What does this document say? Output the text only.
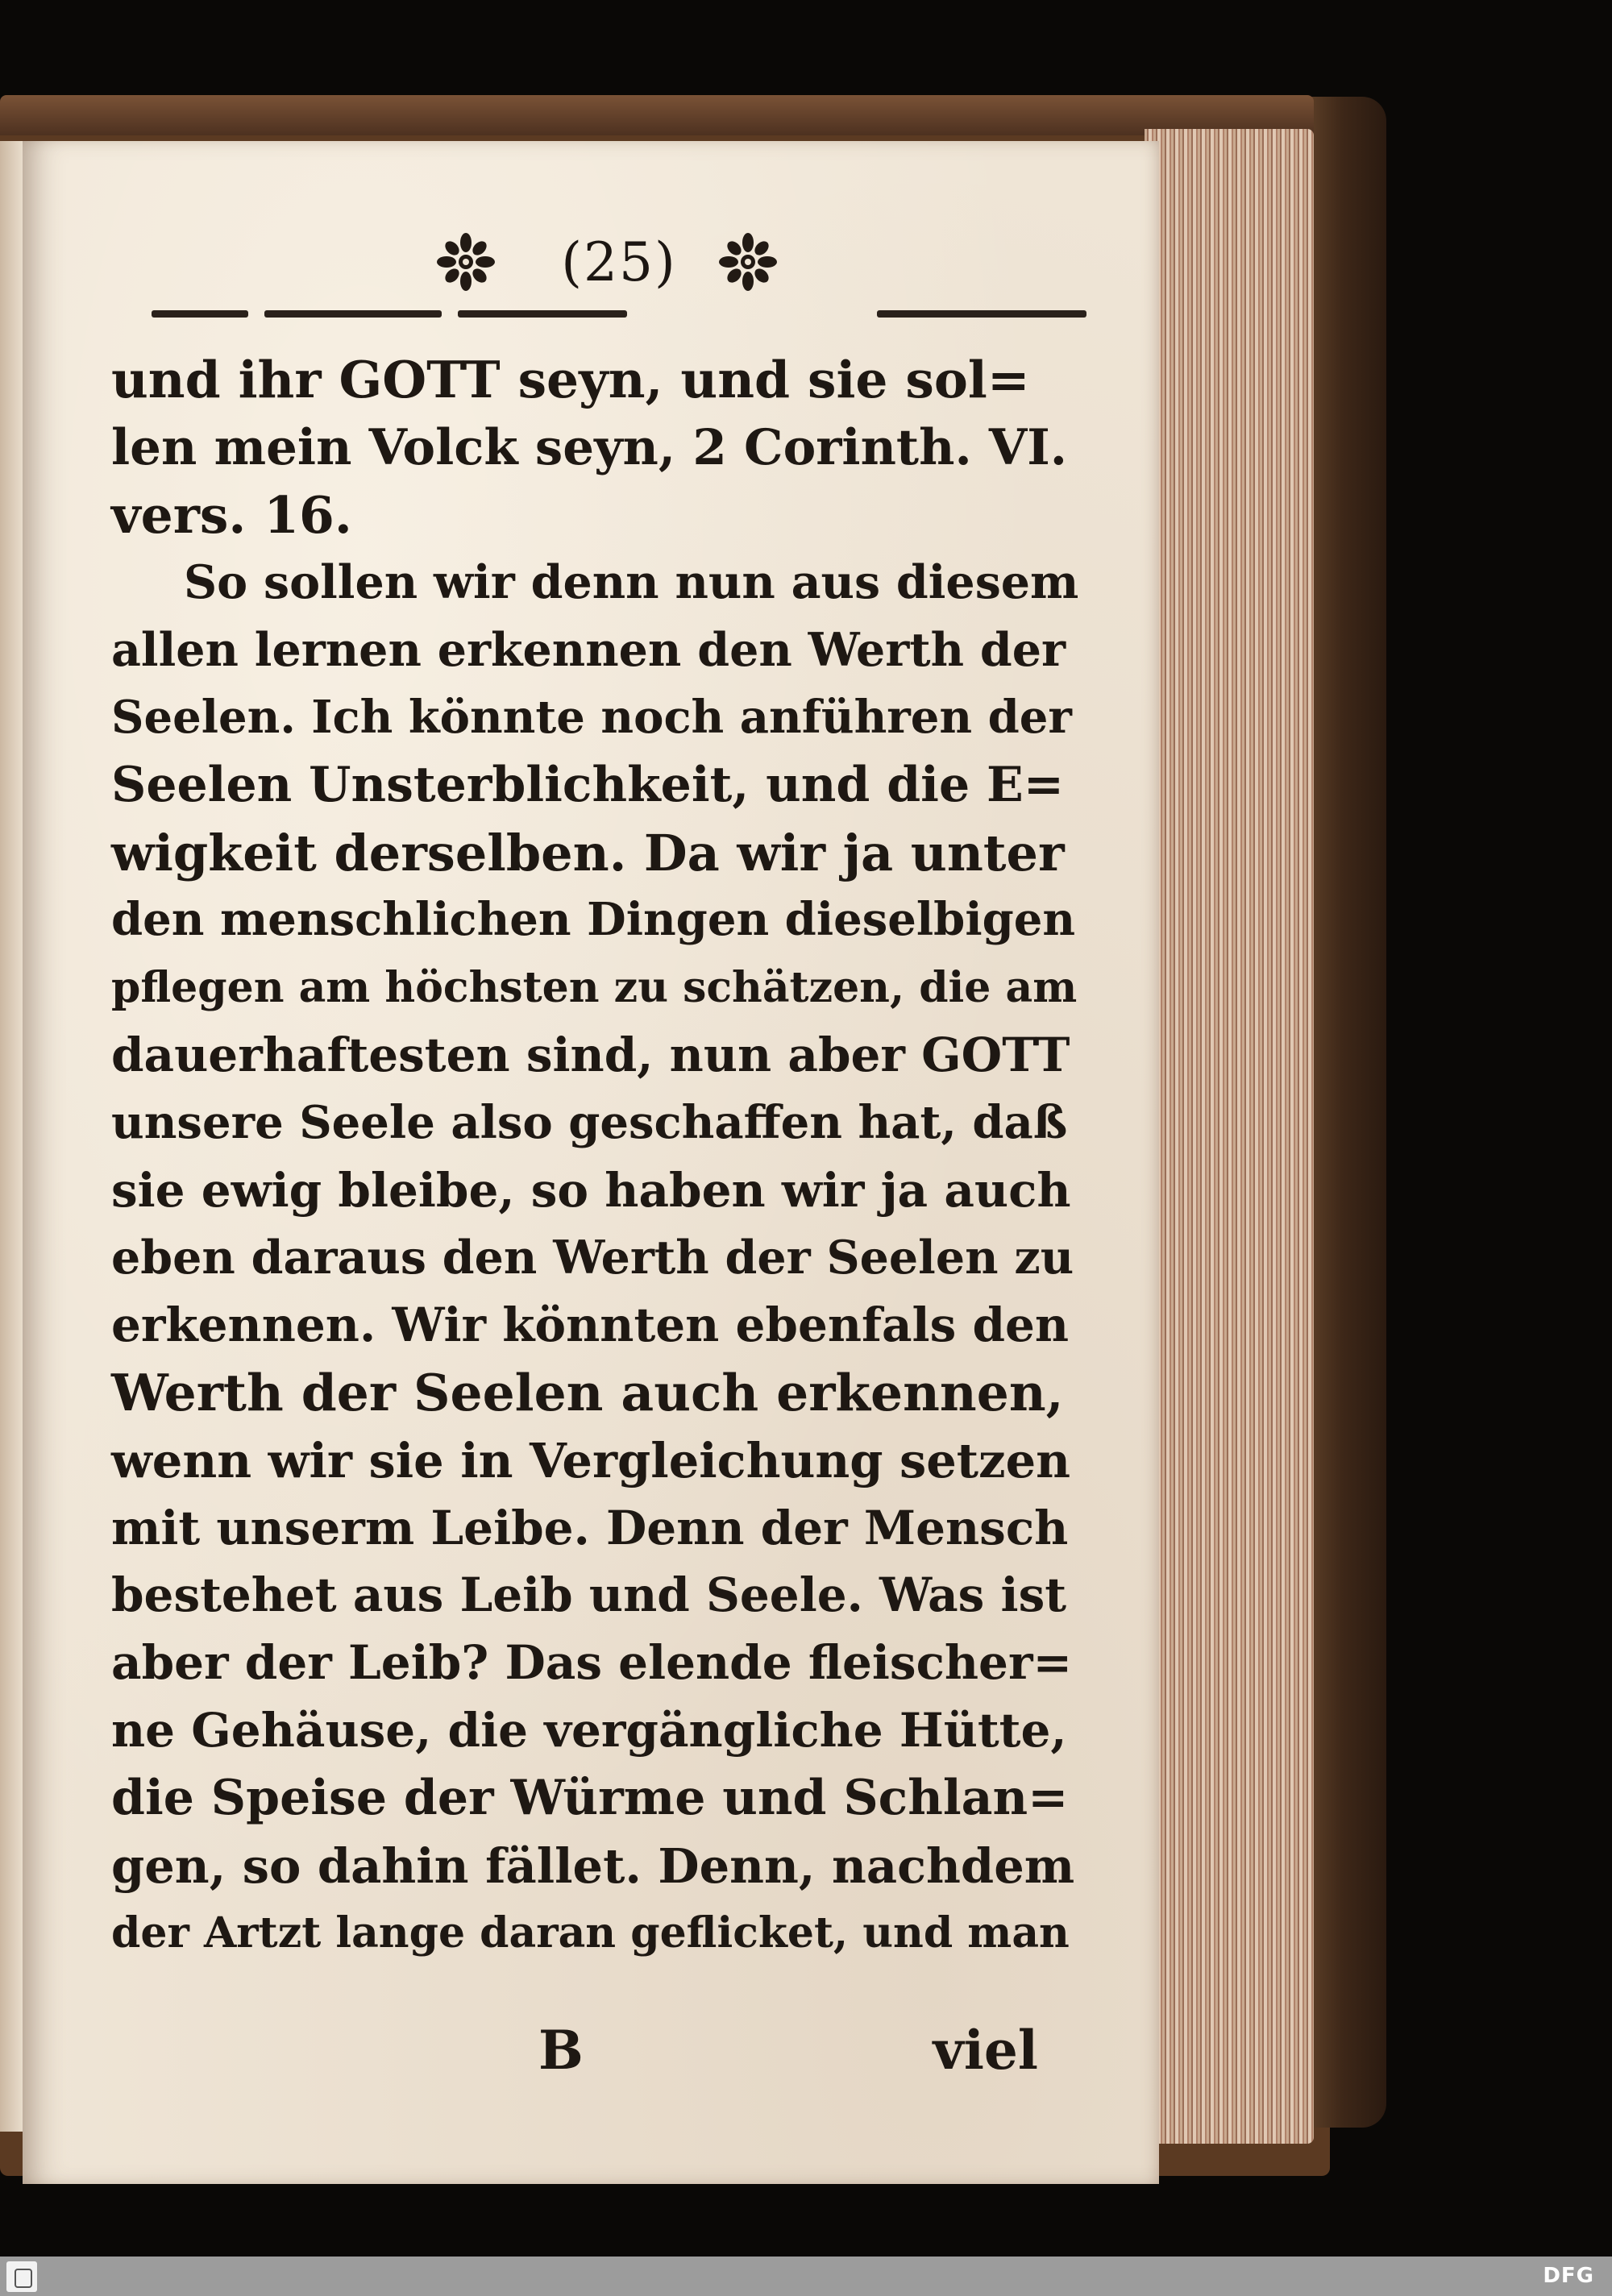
(25)
und ihr GOTT seyn, und sie sol=
len mein Volck seyn, 2 Corinth. VI.
vers. 16.
So sollen wir denn nun aus diesem
allen lernen erkennen den Werth der
Seelen. Ich könnte noch anführen der
Seelen Unsterblichkeit, und die E=
wigkeit derselben. Da wir ja unter
den menschlichen Dingen dieselbigen
pflegen am höchsten zu schätzen, die am
dauerhaftesten sind, nun aber GOTT
unsere Seele also geschaffen hat, daß
sie ewig bleibe, so haben wir ja auch
eben daraus den Werth der Seelen zu
erkennen. Wir könnten ebenfals den
Werth der Seelen auch erkennen,
wenn wir sie in Vergleichung setzen
mit unserm Leibe. Denn der Mensch
bestehet aus Leib und Seele. Was ist
aber der Leib? Das elende fleischer=
ne Gehäuse, die vergängliche Hütte,
die Speise der Würme und Schlan=
gen, so dahin fället. Denn, nachdem
der Artzt lange daran geflicket, und man
B	viel
DFG
